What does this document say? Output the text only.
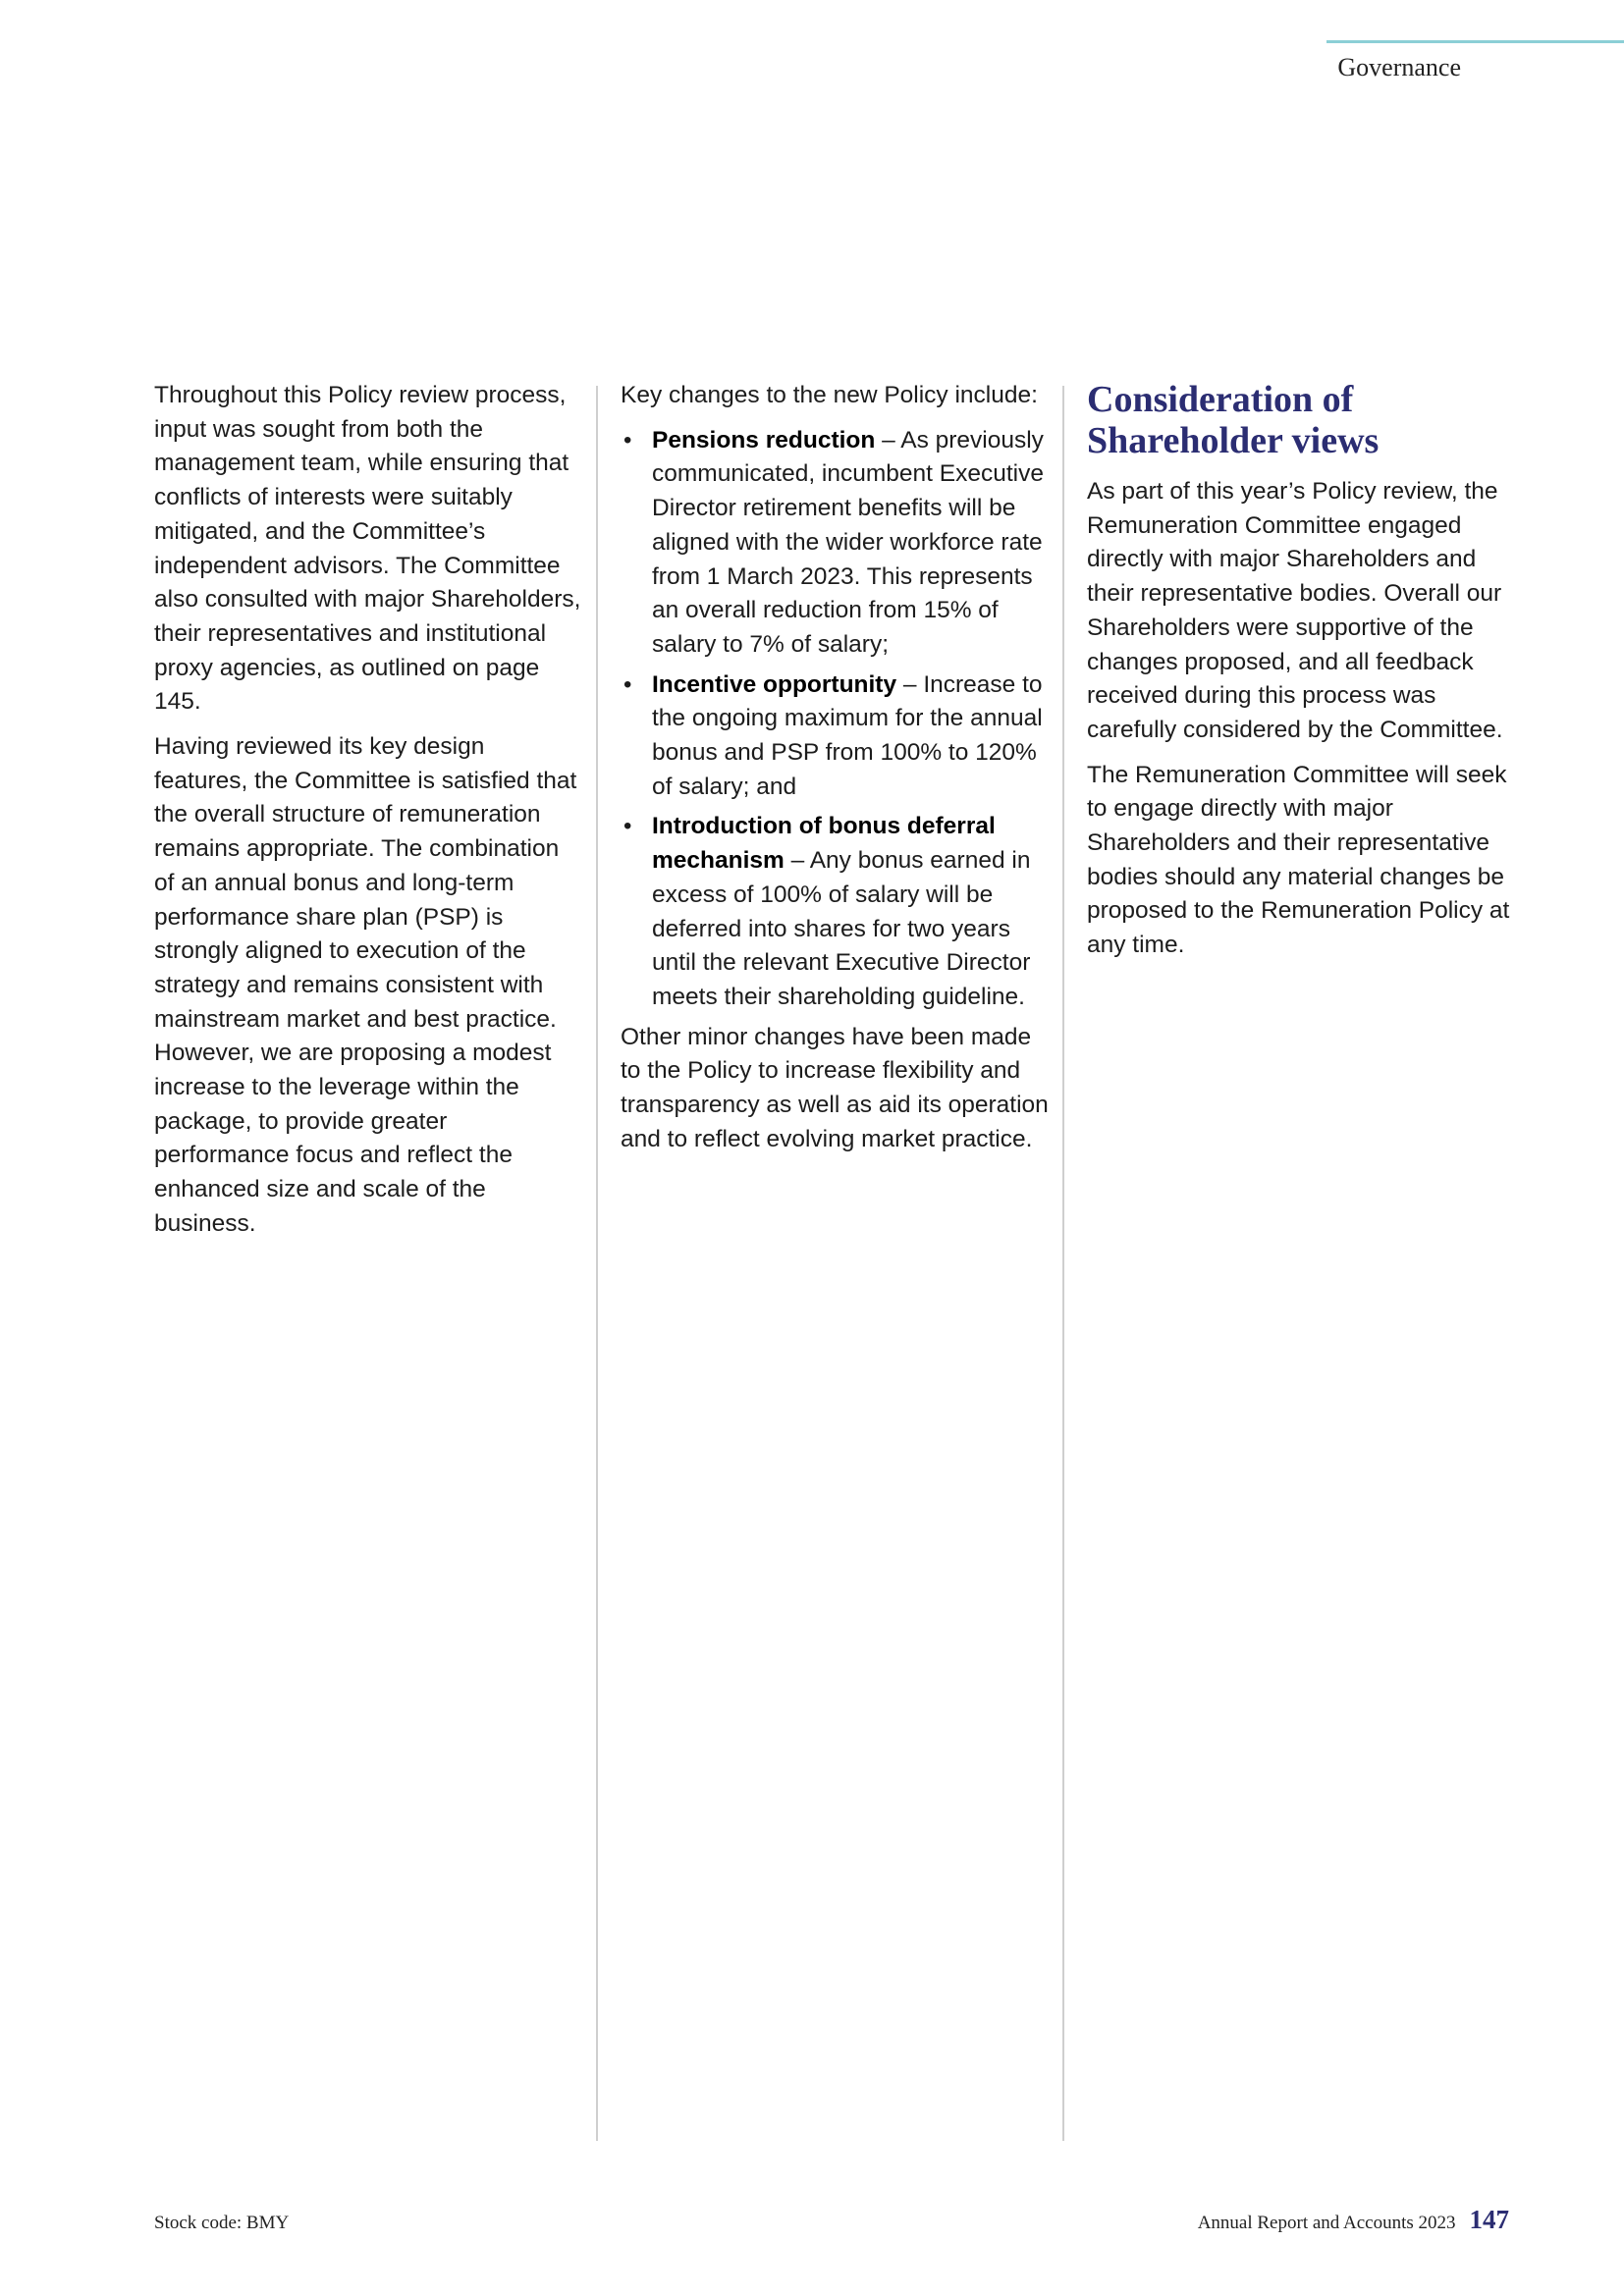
Governance

Throughout this Policy review process, input was sought from both the management team, while ensuring that conflicts of interests were suitably mitigated, and the Committee’s independent advisors. The Committee also consulted with major Shareholders, their representatives and institutional proxy agencies, as outlined on page 145.

Having reviewed its key design features, the Committee is satisfied that the overall structure of remuneration remains appropriate. The combination of an annual bonus and long-term performance share plan (PSP) is strongly aligned to execution of the strategy and remains consistent with mainstream market and best practice. However, we are proposing a modest increase to the leverage within the package, to provide greater performance focus and reflect the enhanced size and scale of the business.

Key changes to the new Policy include:

• Pensions reduction – As previously communicated, incumbent Executive Director retirement benefits will be aligned with the wider workforce rate from 1 March 2023. This represents an overall reduction from 15% of salary to 7% of salary;
• Incentive opportunity – Increase to the ongoing maximum for the annual bonus and PSP from 100% to 120% of salary; and
• Introduction of bonus deferral mechanism – Any bonus earned in excess of 100% of salary will be deferred into shares for two years until the relevant Executive Director meets their shareholding guideline.

Other minor changes have been made to the Policy to increase flexibility and transparency as well as aid its operation and to reflect evolving market practice.

Consideration of Shareholder views

As part of this year’s Policy review, the Remuneration Committee engaged directly with major Shareholders and their representative bodies. Overall our Shareholders were supportive of the changes proposed, and all feedback received during this process was carefully considered by the Committee.

The Remuneration Committee will seek to engage directly with major Shareholders and their representative bodies should any material changes be proposed to the Remuneration Policy at any time.

Stock code: BMY	Annual Report and Accounts 2023 147
